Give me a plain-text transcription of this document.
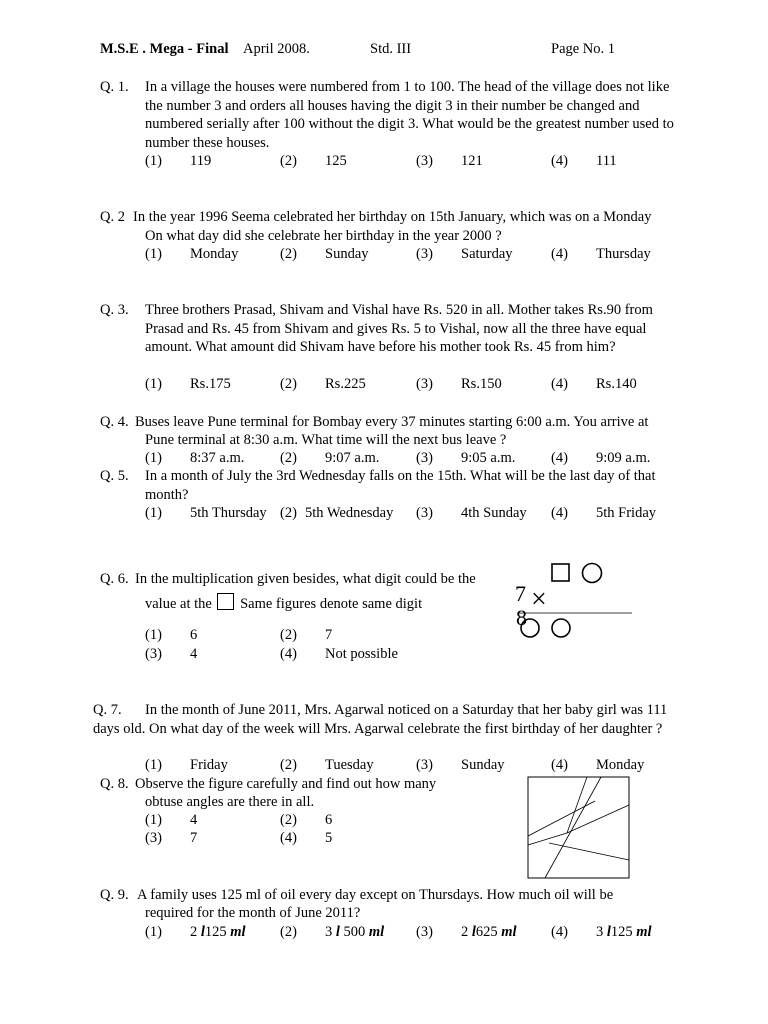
M.S.E . Mega - Final April 2008.	Std. III	Page No. 1
Q. 1. In a village the houses were numbered from 1 to 100. The head of the village does not like the number 3 and orders all houses having the digit 3 in their number be changed and numbered serially after 100 without the digit 3. What would be the greatest number used to number these houses.
(1) 119	(2) 125	(3) 121	(4) 111
Q. 2 In the year 1996 Seema celebrated her birthday on 15th January, which was on a Monday
On what day did she celebrate her birthday in the year 2000 ?
(1) Monday	(2) Sunday	(3) Saturday	(4) Thursday
Q. 3. Three brothers Prasad, Shivam and Vishal have Rs. 520 in all. Mother takes Rs.90 from Prasad and Rs. 45 from Shivam and gives Rs. 5 to Vishal, now all the three have equal amount. What amount did Shivam have before his mother took Rs. 45 from him?
(1) Rs.175	(2) Rs.225	(3) Rs.150	(4) Rs.140
Q. 4. Buses leave Pune terminal for Bombay every 37 minutes starting 6:00 a.m. You arrive at
Pune terminal at 8:30 a.m. What time will the next bus leave ?
(1) 8:37 a.m. (2) 9:07 a.m.	(3) 9:05 a.m. (4) 9:09 a.m.
Q. 5. In a month of July the 3rd Wednesday falls on the 15th. What will be the last day of that month?
(1) 5th Thursday (2) 5th Wednesday (3) 4th Sunday (4) 5th Friday
Q. 6. In the multiplication given besides, what digit could be the
value at the Same figures denote same digit	7 ×
8
(1) 6	(2) 7
(3) 4	(4) Not possible
Q. 7.	In the month of June 2011, Mrs. Agarwal noticed on a Saturday that her baby girl was 111 days old. On what day of the week will Mrs. Agarwal celebrate the first birthday of her daughter ?
(1) Friday	(2) Tuesday	(3) Sunday	(4) Monday
Q. 8. Observe the figure carefully and find out how many
obtuse angles are there in all.
(1) 4	(2) 6
(3) 7	(4) 5
Q. 9. A family uses 125 ml of oil every day except on Thursdays. How much oil will be
required for the month of June 2011?
(1) 2 l125 ml (2) 3 l 500 ml (3) 2 l625 ml (4) 3 l125 ml
